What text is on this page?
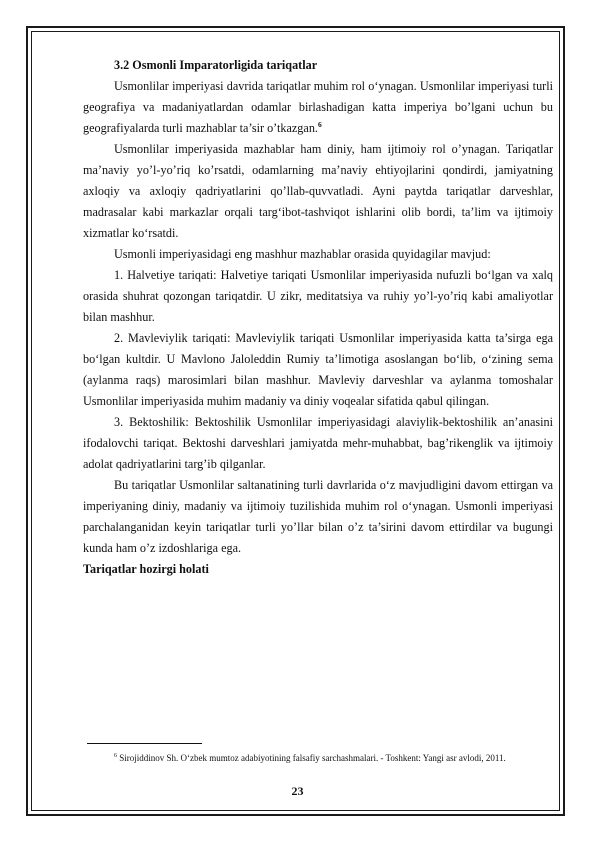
3.2 Osmonli Imparatorligida tariqatlar

Usmonlilar imperiyasi davrida tariqatlar muhim rol o‘ynagan. Usmonlilar imperiyasi turli geografiya va madaniyatlardan odamlar birlashadigan katta imperiya bo’lgani uchun bu geografiyalarda turli mazhablar ta’sir o’tkazgan.$^6$

Usmonlilar imperiyasida mazhablar ham diniy, ham ijtimoiy rol o’ynagan. Tariqatlar ma’naviy yo’l-yo’riq ko’rsatdi, odamlarning ma’naviy ehtiyojlarini qondirdi, jamiyatning axloqiy va axloqiy qadriyatlarini qo’llab-quvvatladi. Ayni paytda tariqatlar darveshlar, madrasalar kabi markazlar orqali targ‘ibot-tashviqot ishlarini olib bordi, ta’lim va ijtimoiy xizmatlar ko‘rsatdi.

Usmonli imperiyasidagi eng mashhur mazhablar orasida quyidagilar mavjud:

1. Halvetiye tariqati: Halvetiye tariqati Usmonlilar imperiyasida nufuzli bo‘lgan va xalq orasida shuhrat qozongan tariqatdir. U zikr, meditatsiya va ruhiy yo’l-yo’riq kabi amaliyotlar bilan mashhur.

2. Mavleviylik tariqati: Mavleviylik tariqati Usmonlilar imperiyasida katta ta’sirga ega bo‘lgan kultdir. U Mavlono Jaloleddin Rumiy ta’limotiga asoslangan bo‘lib, o‘zining sema (aylanma raqs) marosimlari bilan mashhur. Mavleviy darveshlar va aylanma tomoshalar Usmonlilar imperiyasida muhim madaniy va diniy voqealar sifatida qabul qilingan.

3. Bektoshilik: Bektoshilik Usmonlilar imperiyasidagi alaviylik-bektoshilik an’anasini ifodalovchi tariqat. Bektoshi darveshlari jamiyatda mehr-muhabbat, bag’rikenglik va ijtimoiy adolat qadriyatlarini targ’ib qilganlar.

Bu tariqatlar Usmonlilar saltanatining turli davrlarida o‘z mavjudligini davom ettirgan va imperiyaning diniy, madaniy va ijtimoiy tuzilishida muhim rol o‘ynagan. Usmonli imperiyasi parchalanganidan keyin tariqatlar turli yo’llar bilan o’z ta’sirini davom ettirdilar va bugungi kunda ham o’z izdoshlariga ega.

Tariqatlar hozirgi holati

$^6$ Sirojiddinov Sh. O‘zbek mumtoz adabiyotining falsafiy sarchashmalari. - Toshkent: Yangi asr avlodi, 2011.
23
